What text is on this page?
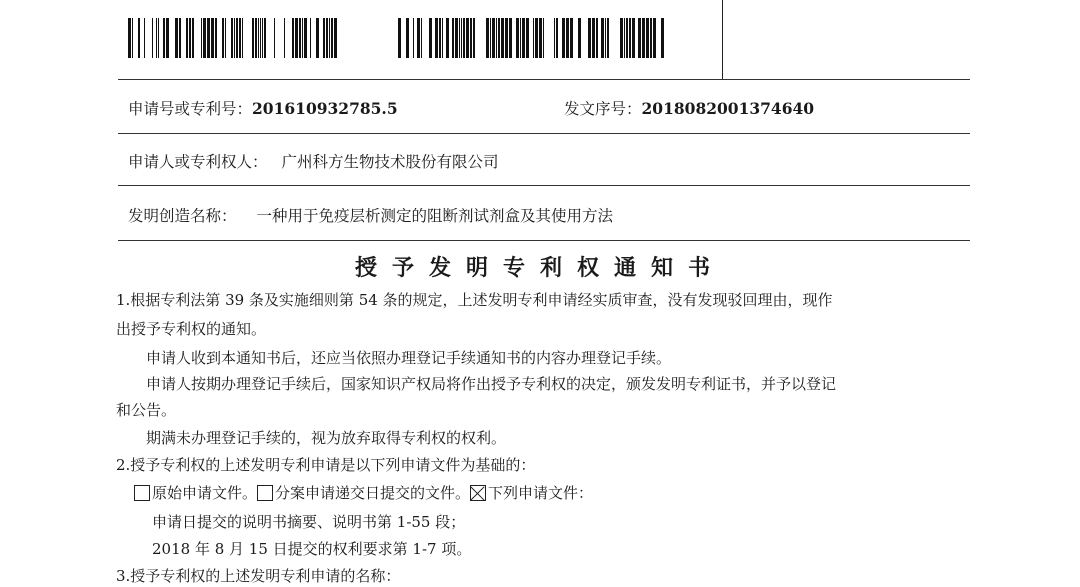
申请号或专利号：201610932785.5	发文序号：2018082001374640
申请人或专利权人： 广州科方生物技术股份有限公司
发明创造名称： 一种用于免疫层析测定的阻断剂试剂盒及其使用方法
授予发明专利权通知书
1.根据专利法第 39 条及实施细则第 54 条的规定，上述发明专利申请经实质审查，没有发现驳回理由，现作
出授予专利权的通知。
申请人收到本通知书后，还应当依照办理登记手续通知书的内容办理登记手续。
申请人按期办理登记手续后，国家知识产权局将作出授予专利权的决定，颁发发明专利证书，并予以登记
和公告。
期满未办理登记手续的，视为放弃取得专利权的权利。
2.授予专利权的上述发明专利申请是以下列申请文件为基础的：
原始申请文件。 分案申请递交日提交的文件。 下列申请文件：
申请日提交的说明书摘要、说明书第 1-55 段；
2018 年 8 月 15 日提交的权利要求第 1-7 项。
3.授予专利权的上述发明专利申请的名称：
